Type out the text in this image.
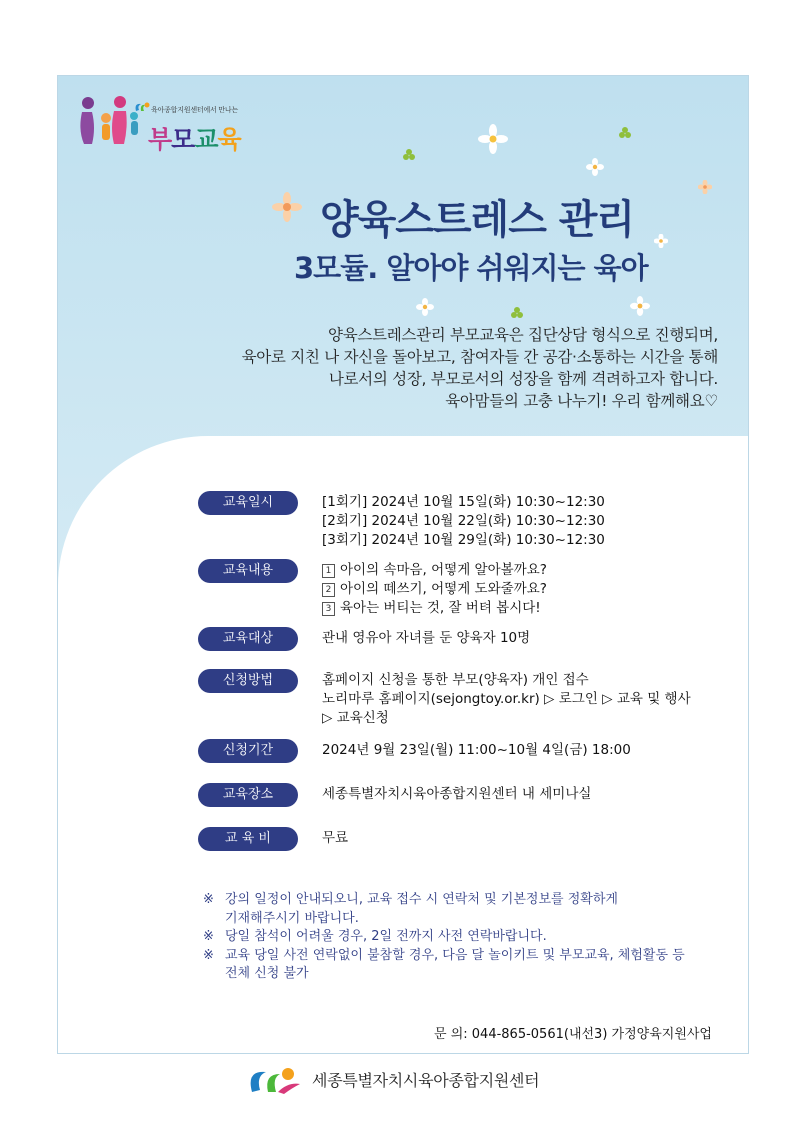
육아종합지원센터에서 만나는
부모교육
양육스트레스 관리
3모듈. 알아야 쉬워지는 육아

양육스트레스관리 부모교육은 집단상담 형식으로 진행되며,

육아로 지친 나 자신을 돌아보고, 참여자들 간 공감·소통하는 시간을 통해

나로서의 성장, 부모로서의 성장을 함께 격려하고자 합니다.

육아맘들의 고충 나누기! 우리 함께해요♡

교육일시	[1회기] 2024년 10월 15일(화) 10:30~12:30

[2회기] 2024년 10월 22일(화) 10:30~12:30

[3회기] 2024년 10월 29일(화) 10:30~12:30

교육내용	1 아이의 속마음, 어떻게 알아볼까요?

2 아이의 떼쓰기, 어떻게 도와줄까요?

3 육아는 버티는 것, 잘 버텨 봅시다!

교육대상	관내 영유아 자녀를 둔 양육자 10명

신청방법	홈페이지 신청을 통한 부모(양육자) 개인 접수

노리마루 홈페이지(sejongtoy.or.kr) ▷ 로그인 ▷ 교육 및 행사

▷ 교육신청

신청기간	2024년 9월 23일(월) 11:00~10월 4일(금) 18:00

교육장소	세종특별자치시육아종합지원센터 내 세미나실

교 육 비	무료

※ 강의 일정이 안내되오니, 교육 접수 시 연락처 및 기본정보를 정확하게

기재해주시기 바랍니다.

※ 당일 참석이 어려울 경우, 2일 전까지 사전 연락바랍니다.

※ 교육 당일 사전 연락없이 불참할 경우, 다음 달 놀이키트 및 부모교육, 체험활동 등

전체 신청 불가

문 의: 044-865-0561(내선3) 가정양육지원사업
세종특별자치시육아종합지원센터
